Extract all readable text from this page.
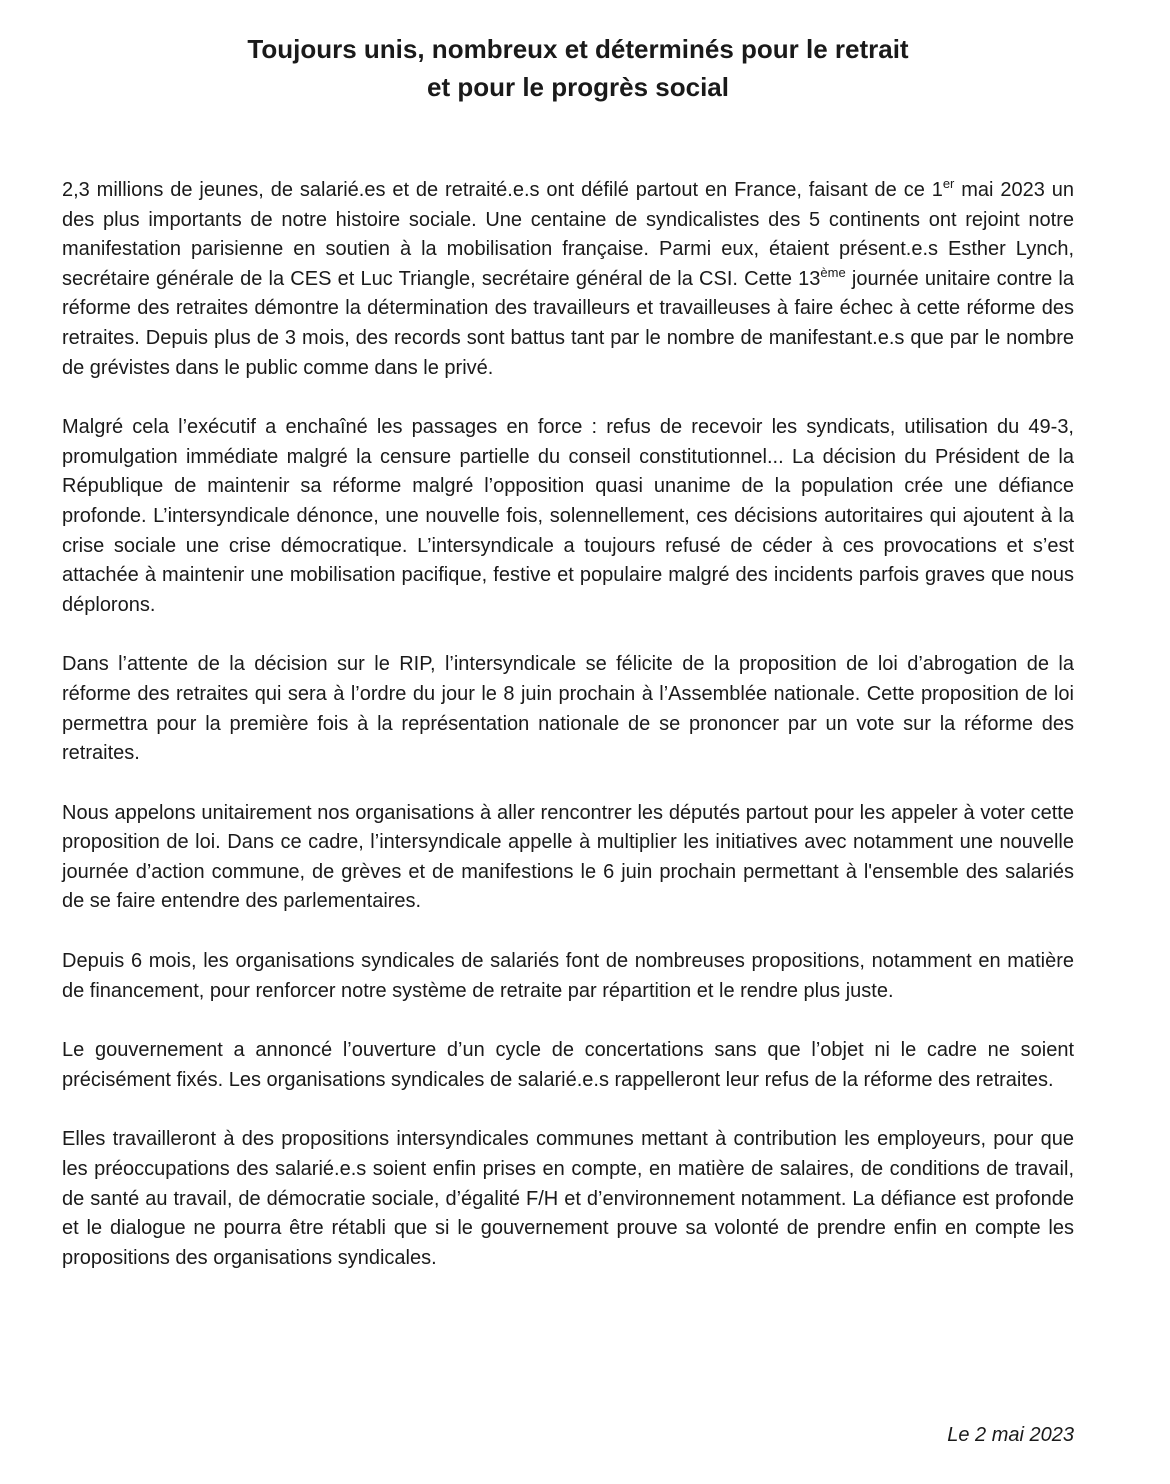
Toujours unis, nombreux et déterminés pour le retrait
et pour le progrès social

2,3 millions de jeunes, de salarié.es et de retraité.e.s ont défilé partout en France, faisant de ce 1er mai 2023 un des plus importants de notre histoire sociale. Une centaine de syndicalistes des 5 continents ont rejoint notre manifestation parisienne en soutien à la mobilisation française. Parmi eux, étaient présent.e.s Esther Lynch, secrétaire générale de la CES et Luc Triangle, secrétaire général de la CSI. Cette 13ème journée unitaire contre la réforme des retraites démontre la détermination des travailleurs et travailleuses à faire échec à cette réforme des retraites. Depuis plus de 3 mois, des records sont battus tant par le nombre de manifestant.e.s que par le nombre de grévistes dans le public comme dans le privé.

Malgré cela l’exécutif a enchaîné les passages en force : refus de recevoir les syndicats, utilisation du 49-3, promulgation immédiate malgré la censure partielle du conseil constitutionnel... La décision du Président de la République de maintenir sa réforme malgré l’opposition quasi unanime de la population crée une défiance profonde. L’intersyndicale dénonce, une nouvelle fois, solennellement, ces décisions autoritaires qui ajoutent à la crise sociale une crise démocratique. L’intersyndicale a toujours refusé de céder à ces provocations et s’est attachée à maintenir une mobilisation pacifique, festive et populaire malgré des incidents parfois graves que nous déplorons.

Dans l’attente de la décision sur le RIP, l’intersyndicale se félicite de la proposition de loi d’abrogation de la réforme des retraites qui sera à l’ordre du jour le 8 juin prochain à l’Assemblée nationale. Cette proposition de loi permettra pour la première fois à la représentation nationale de se prononcer par un vote sur la réforme des retraites.

Nous appelons unitairement nos organisations à aller rencontrer les députés partout pour les appeler à voter cette proposition de loi. Dans ce cadre, l’intersyndicale appelle à multiplier les initiatives avec notamment une nouvelle journée d’action commune, de grèves et de manifestions le 6 juin prochain permettant à l'ensemble des salariés de se faire entendre des parlementaires.

Depuis 6 mois, les organisations syndicales de salariés font de nombreuses propositions, notamment en matière de financement, pour renforcer notre système de retraite par répartition et le rendre plus juste.

Le gouvernement a annoncé l’ouverture d’un cycle de concertations sans que l’objet ni le cadre ne soient précisément fixés. Les organisations syndicales de salarié.e.s rappelleront leur refus de la réforme des retraites.

Elles travailleront à des propositions intersyndicales communes mettant à contribution les employeurs, pour que les préoccupations des salarié.e.s soient enfin prises en compte, en matière de salaires, de conditions de travail, de santé au travail, de démocratie sociale, d’égalité F/H et d’environnement notamment. La défiance est profonde et le dialogue ne pourra être rétabli que si le gouvernement prouve sa volonté de prendre enfin en compte les propositions des organisations syndicales.

Le 2 mai 2023
